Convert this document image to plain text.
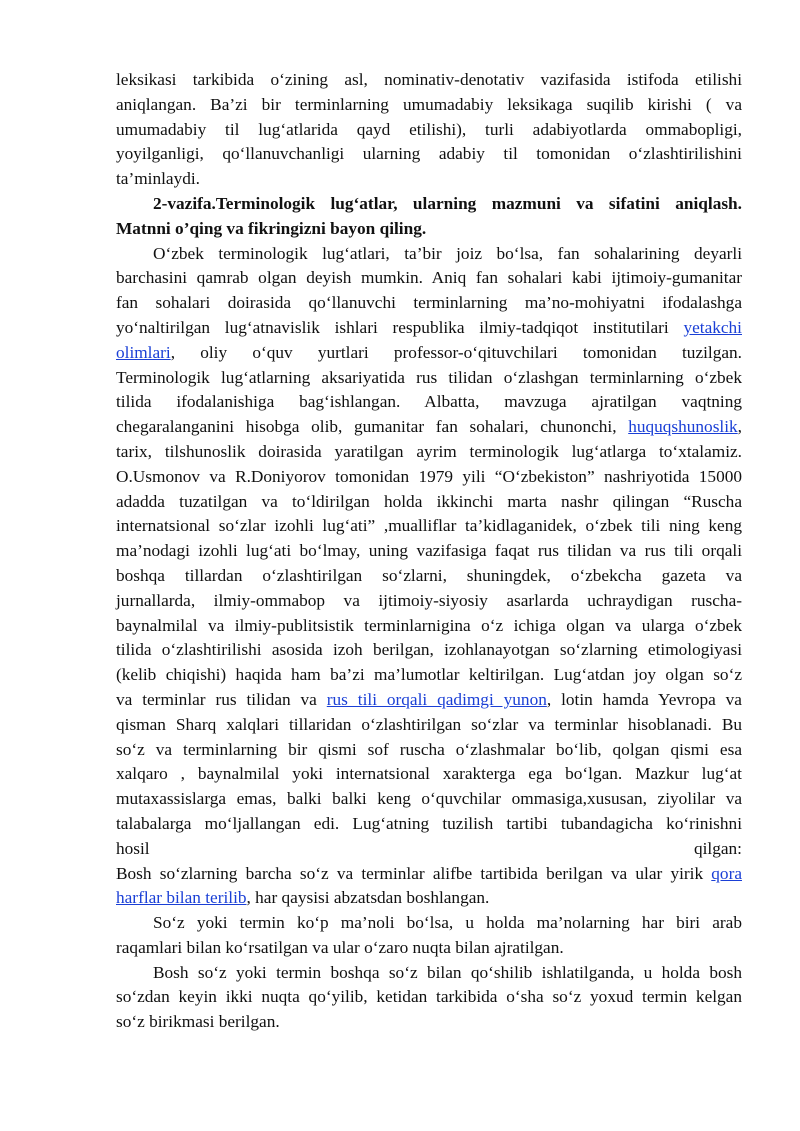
leksikasi tarkibida oʻzining asl, nominativ-denotativ vazifasida istifoda etilishi
aniqlangan. Ba’zi bir terminlarning umumadabiy leksikaga suqilib kirishi ( va
umumadabiy til lugʻatlarida qayd etilishi), turli adabiyotlarda ommabopligi,
yoyilganligi, qoʻllanuvchanligi ularning adabiy til tomonidan oʻzlashtirilishini
ta’minlaydi.

2-vazifa.Terminologik lugʻatlar, ularning mazmuni va sifatini aniqlash.
Matnni o’qing va fikringizni bayon qiling.

Oʻzbek terminologik lugʻatlari, ta’bir joiz boʻlsa, fan sohalarining deyarli
barchasini qamrab olgan deyish mumkin. Aniq fan sohalari kabi ijtimoiy-gumanitar
fan sohalari doirasida qoʻllanuvchi terminlarning ma’no-mohiyatni ifodalashga
yoʻnaltirilgan lugʻatnavislik ishlari respublika ilmiy-tadqiqot institutilari yetakchi
olimlari, oliy oʻquv yurtlari professor-oʻqituvchilari tomonidan tuzilgan.
Terminologik lugʻatlarning aksariyatida rus tilidan oʻzlashgan terminlarning oʻzbek
tilida ifodalanishiga bagʻishlangan. Albatta, mavzuga ajratilgan vaqtning
chegaralanganini hisobga olib, gumanitar fan sohalari, chunonchi, huquqshunoslik,
tarix, tilshunoslik doirasida yaratilgan ayrim terminologik lugʻatlarga toʻxtalamiz.
O.Usmonov va R.Doniyorov tomonidan 1979 yili “Oʻzbekiston” nashriyotida 15000
adadda tuzatilgan va toʻldirilgan holda ikkinchi marta nashr qilingan “Ruscha
internatsional soʻzlar izohli lugʻati” ,mualliflar ta’kidlaganidek, oʻzbek tili ning keng
ma’nodagi izohli lugʻati boʻlmay, uning vazifasiga faqat rus tilidan va rus tili orqali
boshqa tillardan oʻzlashtirilgan soʻzlarni, shuningdek, oʻzbekcha gazeta va
jurnallarda, ilmiy-ommabop va ijtimoiy-siyosiy asarlarda uchraydigan ruscha-
baynalmilal va ilmiy-publitsistik terminlarnigina oʻz ichiga olgan va ularga oʻzbek
tilida oʻzlashtirilishi asosida izoh berilgan, izohlanayotgan soʻzlarning etimologiyasi
(kelib chiqishi) haqida ham ba’zi ma’lumotlar keltirilgan. Lugʻatdan joy olgan soʻz
va terminlar rus tilidan va rus tili orqali qadimgi yunon, lotin hamda Yevropa va
qisman Sharq xalqlari tillaridan oʻzlashtirilgan soʻzlar va terminlar hisoblanadi. Bu
soʻz va terminlarning bir qismi sof ruscha oʻzlashmalar boʻlib, qolgan qismi esa
xalqaro , baynalmilal yoki internatsional xarakterga ega boʻlgan. Mazkur lugʻat
mutaxassislarga emas, balki balki keng oʻquvchilar ommasiga,xususan, ziyolilar va
talabalarga moʻljallangan edi. Lugʻatning tuzilish tartibi tubandagicha koʻrinishni
hosil qilgan:

Bosh soʻzlarning barcha soʻz va terminlar alifbe tartibida berilgan va ular yirik qora
harflar bilan terilib, har qaysisi abzatsdan boshlangan.

Soʻz yoki termin koʻp ma’noli boʻlsa, u holda ma’nolarning har biri arab
raqamlari bilan koʻrsatilgan va ular oʻzaro nuqta bilan ajratilgan.

Bosh soʻz yoki termin boshqa soʻz bilan qoʻshilib ishlatilganda, u holda bosh
soʻzdan keyin ikki nuqta qoʻyilib, ketidan tarkibida oʻsha soʻz yoxud termin kelgan
soʻz birikmasi berilgan.
